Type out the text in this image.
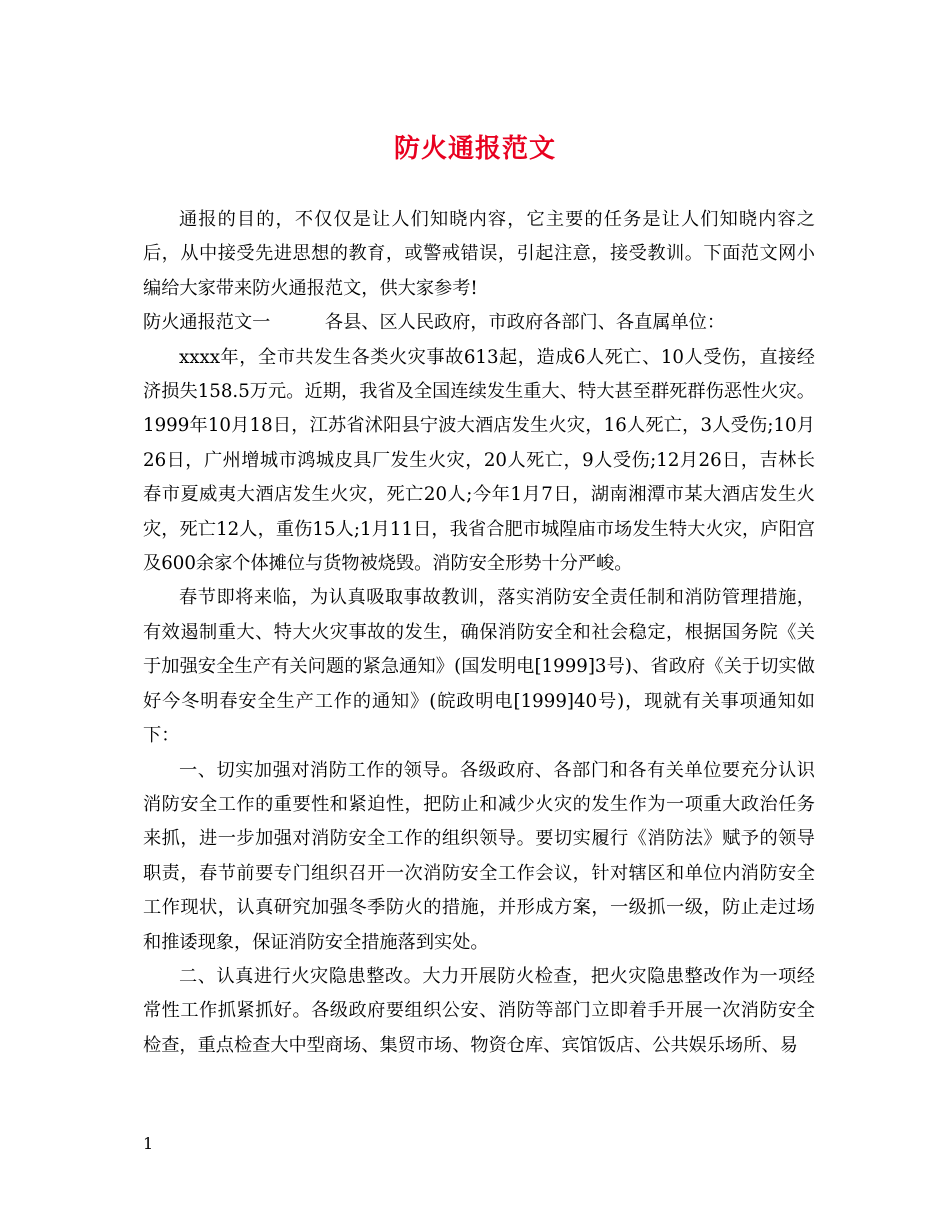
防火通报范文

通报的目的，不仅仅是让人们知晓内容，它主要的任务是让人们知晓内容之后，从中接受先进思想的教育，或警戒错误，引起注意，接受教训。下面范文网小编给大家带来防火通报范文，供大家参考!

防火通报范文一　　　各县、区人民政府，市政府各部门、各直属单位：

xxxx年，全市共发生各类火灾事故613起，造成6人死亡、10人受伤，直接经济损失158.5万元。近期，我省及全国连续发生重大、特大甚至群死群伤恶性火灾。1999年10月18日，江苏省沭阳县宁波大酒店发生火灾，16人死亡，3人受伤;10月26日，广州增城市鸿城皮具厂发生火灾，20人死亡，9人受伤;12月26日，吉林长春市夏威夷大酒店发生火灾，死亡20人;今年1月7日，湖南湘潭市某大酒店发生火灾，死亡12人，重伤15人;1月11日，我省合肥市城隍庙市场发生特大火灾，庐阳宫及600余家个体摊位与货物被烧毁。消防安全形势十分严峻。

春节即将来临，为认真吸取事故教训，落实消防安全责任制和消防管理措施，有效遏制重大、特大火灾事故的发生，确保消防安全和社会稳定，根据国务院《关于加强安全生产有关问题的紧急通知》(国发明电[1999]3号)、省政府《关于切实做好今冬明春安全生产工作的通知》(皖政明电[1999]40号)，现就有关事项通知如下：

一、切实加强对消防工作的领导。各级政府、各部门和各有关单位要充分认识消防安全工作的重要性和紧迫性，把防止和减少火灾的发生作为一项重大政治任务来抓，进一步加强对消防安全工作的组织领导。要切实履行《消防法》赋予的领导职责，春节前要专门组织召开一次消防安全工作会议，针对辖区和单位内消防安全工作现状，认真研究加强冬季防火的措施，并形成方案，一级抓一级，防止走过场和推诿现象，保证消防安全措施落到实处。

二、认真进行火灾隐患整改。大力开展防火检查，把火灾隐患整改作为一项经常性工作抓紧抓好。各级政府要组织公安、消防等部门立即着手开展一次消防安全检查，重点检查大中型商场、集贸市场、物资仓库、宾馆饭店、公共娱乐场所、易

1
